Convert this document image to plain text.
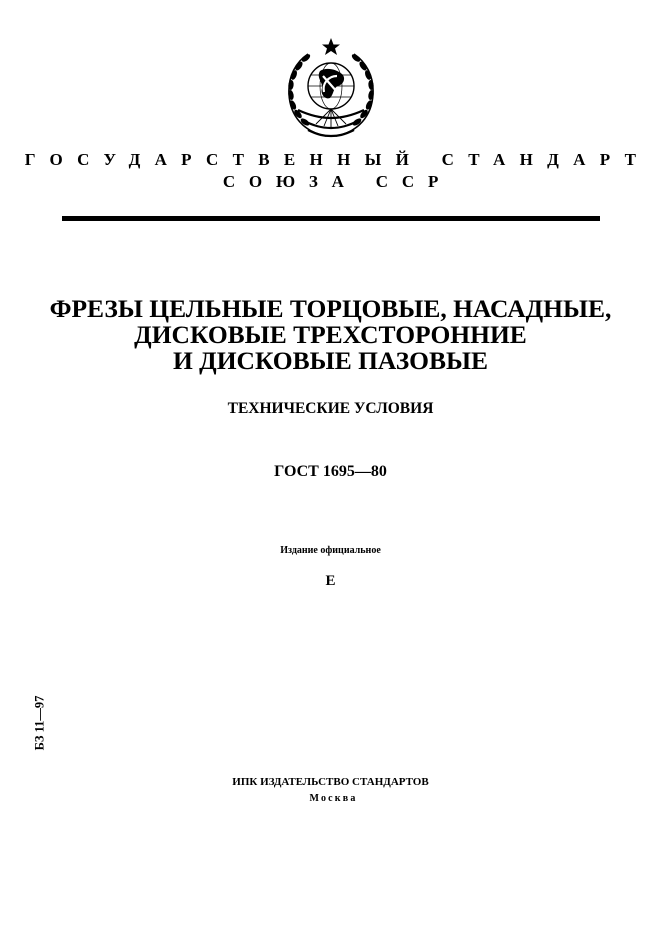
ГОСУДАРСТВЕННЫЙ СТАНДАРТ
СОЮЗА ССР
ФРЕЗЫ ЦЕЛЬНЫЕ ТОРЦОВЫЕ, НАСАДНЫЕ,
ДИСКОВЫЕ ТРЕХСТОРОННИЕ
И ДИСКОВЫЕ ПАЗОВЫЕ
ТЕХНИЧЕСКИЕ УСЛОВИЯ
ГОСТ 1695—80
Издание официальное
Е
БЗ 11—97
ИПК ИЗДАТЕЛЬСТВО СТАНДАРТОВ
Москва
